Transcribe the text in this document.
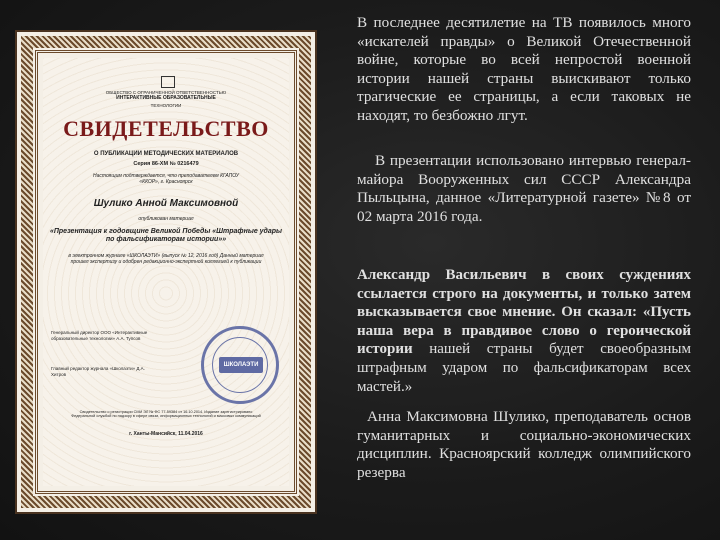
ОБЩЕСТВО С ОГРАНИЧЕННОЙ ОТВЕТСТВЕННОСТЬЮ
ИНТЕРАКТИВНЫЕ ОБРАЗОВАТЕЛЬНЫЕ
ТЕХНОЛОГИИ
СВИДЕТЕЛЬСТВО
О ПУБЛИКАЦИИ МЕТОДИЧЕСКИХ МАТЕРИАЛОВ
Серия 86-ХМ № 0216479
Настоящим подтверждается, что преподавателем КГАПОУ «ККОР», г. Красноярск
Шулико Анной Максимовной
опубликован материал
«Презентация к годовщине Великой Победы «Штрафные удары по фальсификаторам истории»»
в электронном журнале «ШКОЛАЭТИ» (выпуск № 12, 2016 год) Данный материал прошел экспертизу и одобрен редакционно-экспертной коллегией к публикации
Генеральный директор ООО «Интерактивные образовательные технологии» А.А. Тупсов
Главный редактор журнала «Школаэти» Д.А. Хитров
ШКОЛАЭТИ
Свидетельство о регистрации СМИ ЭЛ № ФС 77-59384 от 16.10.2014. Издание зарегистрировано Федеральной службой по надзору в сфере связи, информационных технологий и массовых коммуникаций
г. Ханты-Мансийск, 11.04.2016

В последнее десятилетие на ТВ появилось много «искателей правды» о Великой Отечественной войне, которые во всей непростой военной истории нашей страны выискивают только трагические ее страницы, а если таковых не находят, то безбожно лгут.

В презентации использовано интервью генерал-майора Вооруженных сил СССР Александра Пыльцына, данное «Литературной газете» №8 от 02 марта 2016 года.

Александр Васильевич в своих суждениях ссылается строго на документы, и только затем высказывается свое мнение. Он сказал: «Пусть наша вера в правдивое слово о героической истории нашей страны будет своеобразным штрафным ударом по фальсификаторам всех мастей.»

Анна Максимовна Шулико, преподаватель основ гуманитарных и социально-экономических дисциплин. Красноярский колледж олимпийского резерва
